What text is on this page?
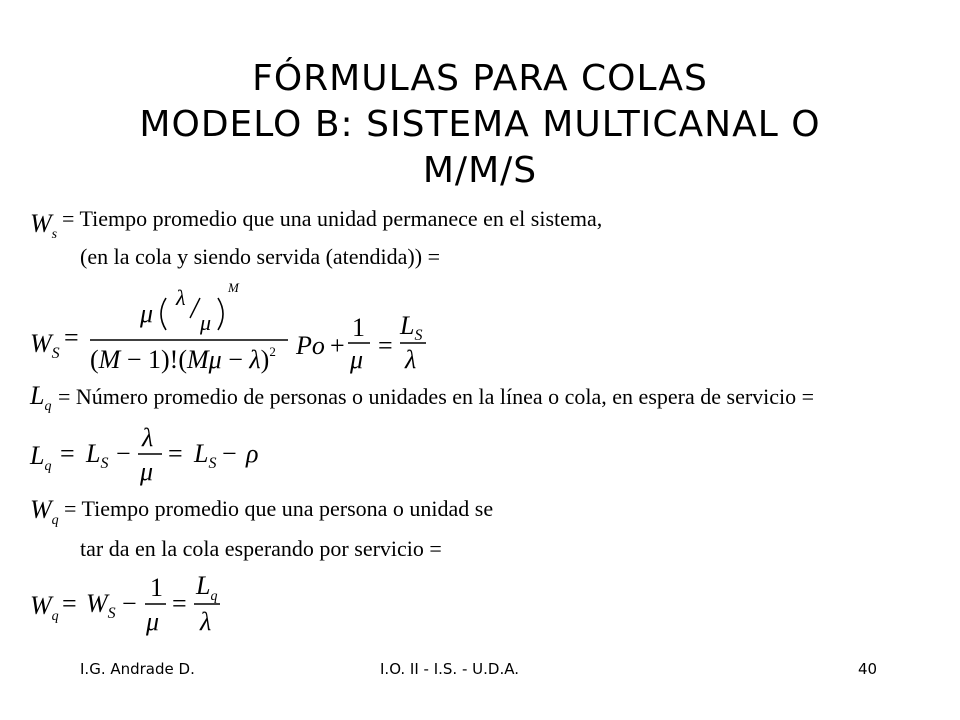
FÓRMULAS PARA COLAS
MODELO B: SISTEMA MULTICANAL O
M/M/S
$W_s$
= Tiempo promedio que una unidad permanece en el sistema,
(en la cola y siendo servida (atendida)) =
$W_S$
=
μ
λ
μ
M
$(M - 1)!(M\mu - \lambda)^2$ Po +
1
μ =
$L_S$
λ
$L_q$ = Número promedio de personas o unidades en la línea o cola, en espera de servicio =
$L_q = L_S$ −
λ
μ
= $L_S - \rho$
$W_q$ = Tiempo promedio que una persona o unidad se
tar da en la cola esperando por servicio =
$W_q = W_S$ −
1
μ
=
$L_q$
λ
I.G. Andrade D.	I.O. II - I.S. - U.D.A.	40
